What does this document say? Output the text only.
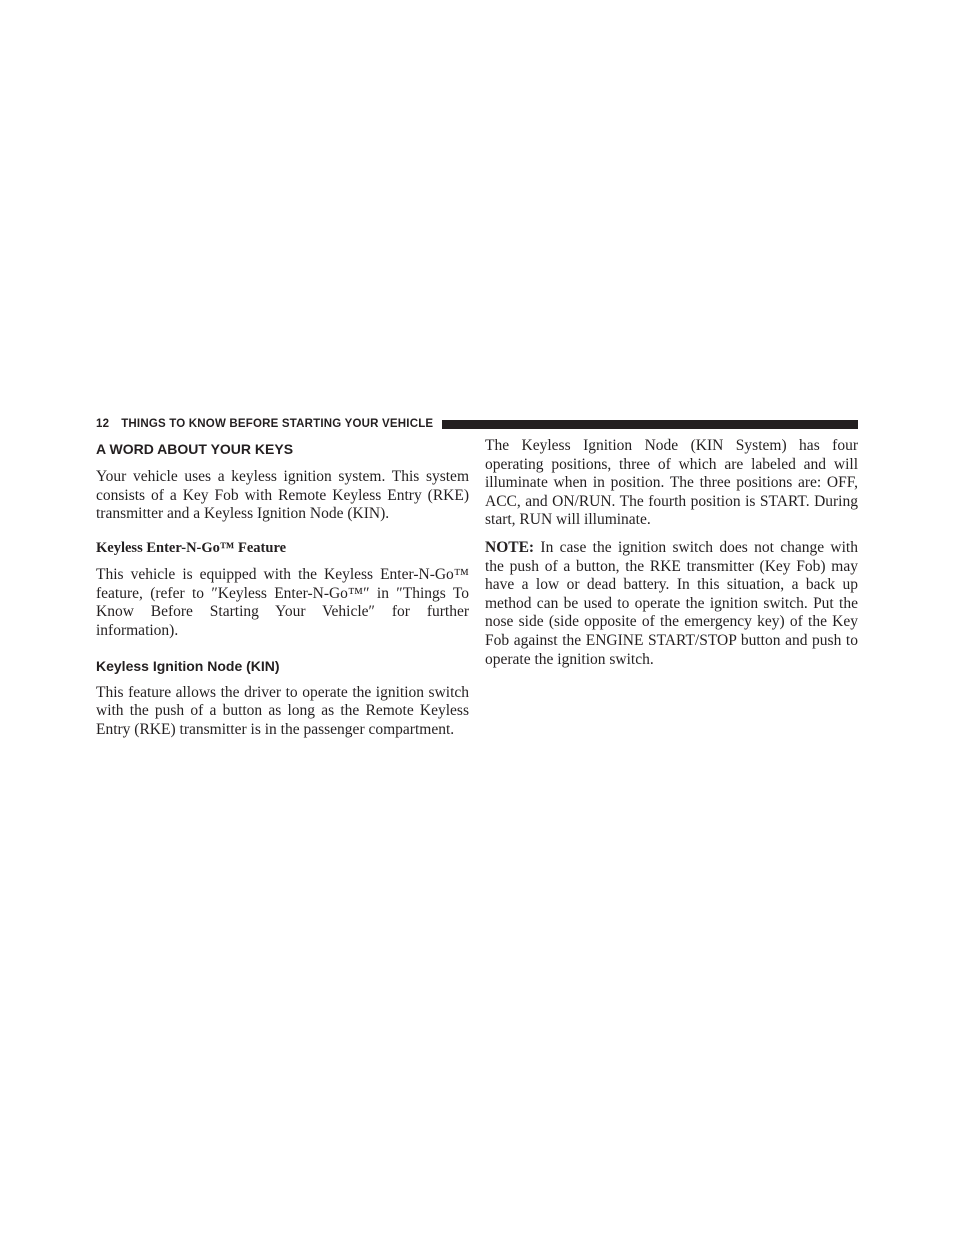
12 THINGS TO KNOW BEFORE STARTING YOUR VEHICLE
A WORD ABOUT YOUR KEYS

Your vehicle uses a keyless ignition system. This system consists of a Key Fob with Remote Keyless Entry (RKE) transmitter and a Keyless Ignition Node (KIN).

Keyless Enter-N-Go™ Feature

This vehicle is equipped with the Keyless Enter-N-Go™ feature, (refer to ″Keyless Enter-N-Go™″ in ″Things To Know Before Starting Your Vehicle″ for further information).

Keyless Ignition Node (KIN)

This feature allows the driver to operate the ignition switch with the push of a button as long as the Remote Keyless Entry (RKE) transmitter is in the passenger compartment.

The Keyless Ignition Node (KIN System) has four operating positions, three of which are labeled and will illuminate when in position. The three positions are: OFF, ACC, and ON/RUN. The fourth position is START. During start, RUN will illuminate.

NOTE: In case the ignition switch does not change with the push of a button, the RKE transmitter (Key Fob) may have a low or dead battery. In this situation, a back up method can be used to operate the ignition switch. Put the nose side (side opposite of the emergency key) of the Key Fob against the ENGINE START/STOP button and push to operate the ignition switch.
